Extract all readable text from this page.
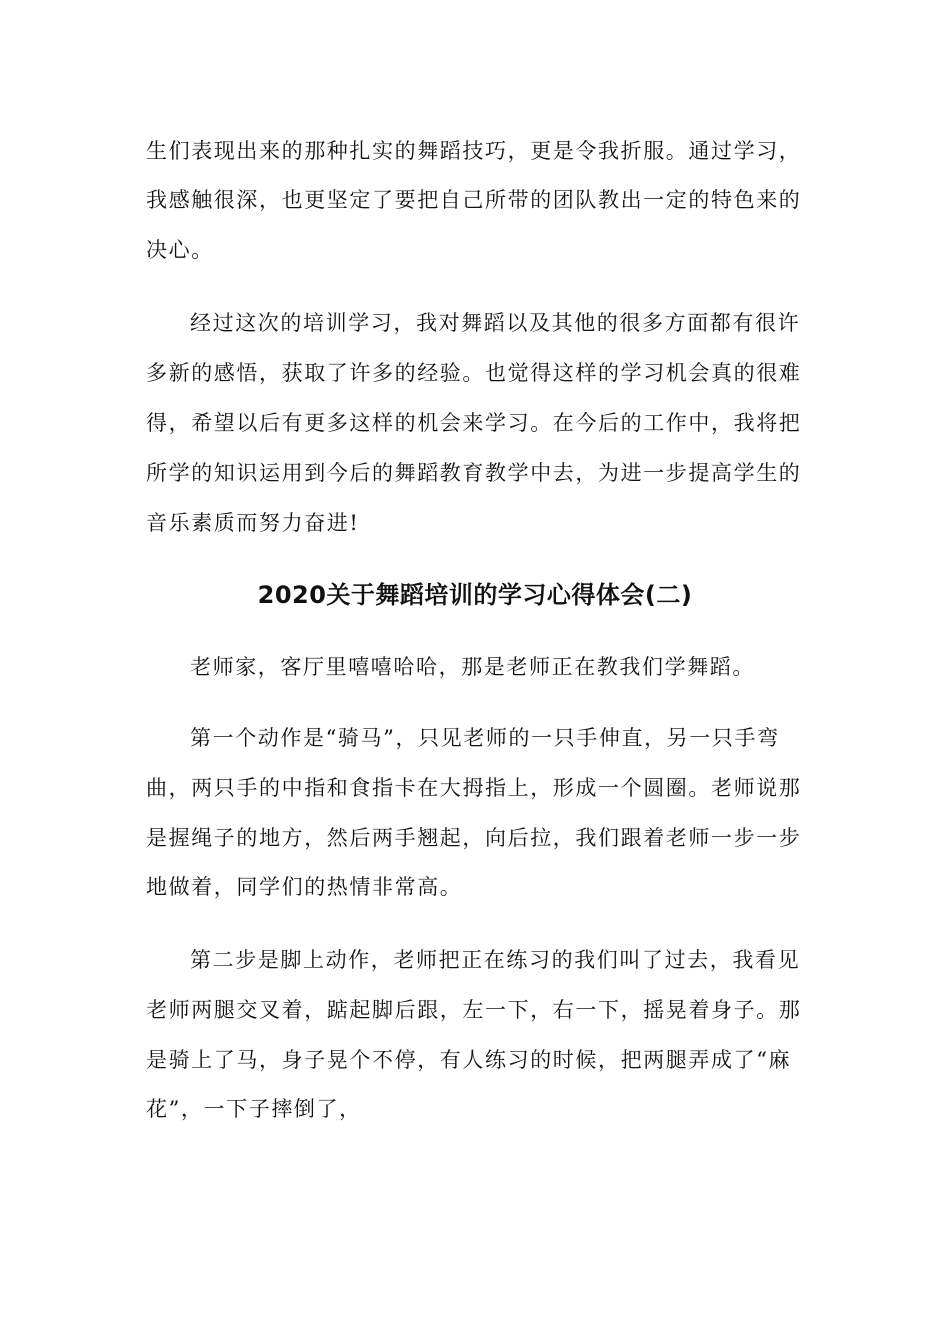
生们表现出来的那种扎实的舞蹈技巧，更是令我折服。通过学习，
我感触很深，也更坚定了要把自己所带的团队教出一定的特色来的
决心。
经过这次的培训学习，我对舞蹈以及其他的很多方面都有很许
多新的感悟，获取了许多的经验。也觉得这样的学习机会真的很难
得，希望以后有更多这样的机会来学习。在今后的工作中，我将把
所学的知识运用到今后的舞蹈教育教学中去，为进一步提高学生的
音乐素质而努力奋进!
2020关于舞蹈培训的学习心得体会(二)
老师家，客厅里嘻嘻哈哈，那是老师正在教我们学舞蹈。
第一个动作是“骑马”，只见老师的一只手伸直，另一只手弯
曲，两只手的中指和食指卡在大拇指上，形成一个圆圈。老师说那
是握绳子的地方，然后两手翘起，向后拉，我们跟着老师一步一步
地做着，同学们的热情非常高。
第二步是脚上动作，老师把正在练习的我们叫了过去，我看见
老师两腿交叉着，踮起脚后跟，左一下，右一下，摇晃着身子。那
是骑上了马，身子晃个不停，有人练习的时候，把两腿弄成了“麻
花”，一下子摔倒了，
